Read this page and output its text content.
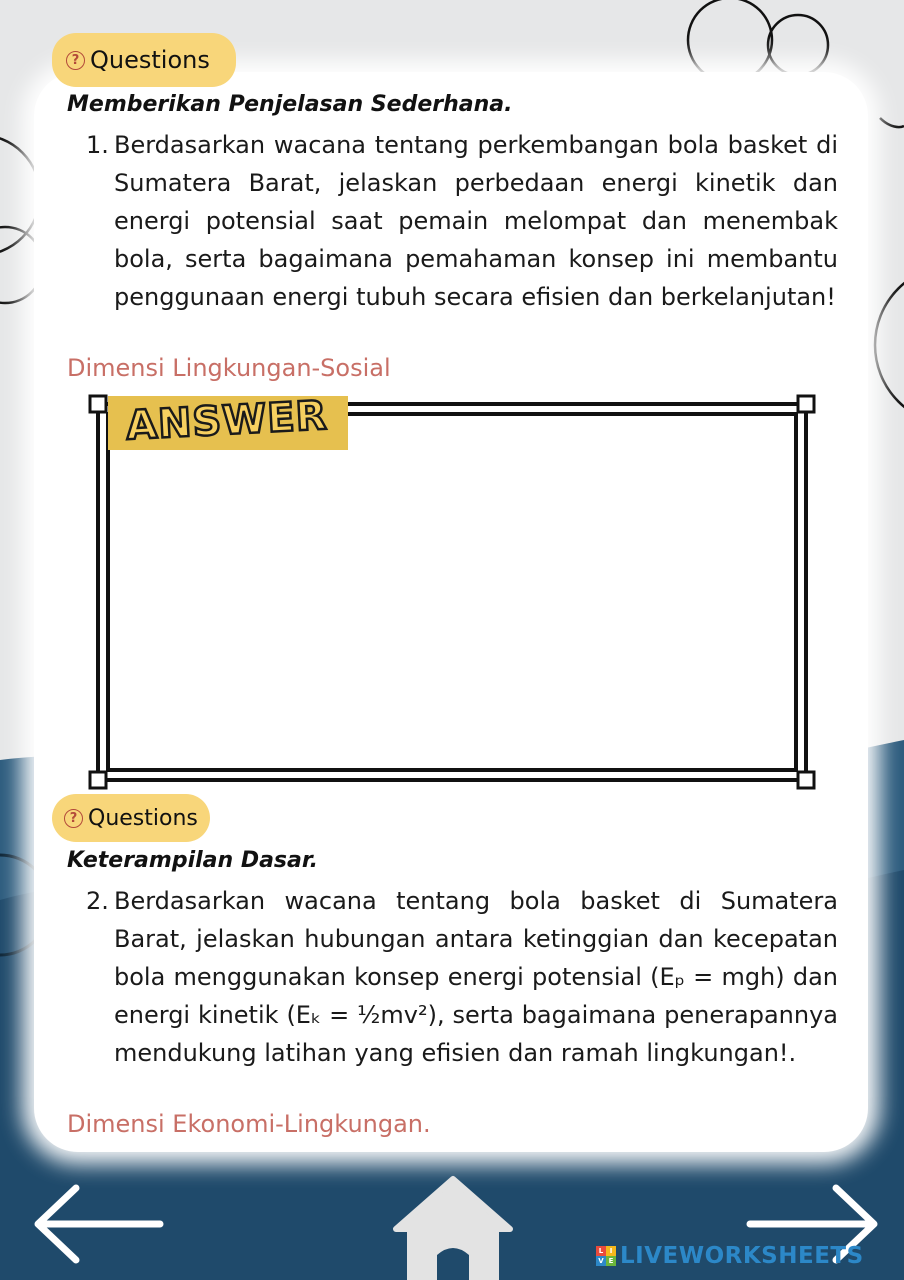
? Questions
Memberikan Penjelasan Sederhana.
1. Berdasarkan wacana tentang perkembangan bola basket di Sumatera Barat, jelaskan perbedaan energi kinetik dan energi potensial saat pemain melompat dan menembak bola, serta bagaimana pemahaman konsep ini membantu penggunaan energi tubuh secara efisien dan berkelanjutan!
Dimensi Lingkungan-Sosial
ANSWER
? Questions
Keterampilan Dasar.
2. Berdasarkan wacana tentang bola basket di Sumatera Barat, jelaskan hubungan antara ketinggian dan kecepatan bola menggunakan konsep energi potensial (Eₚ = mgh) dan energi kinetik (Eₖ = ½mv²), serta bagaimana penerapannya mendukung latihan yang efisien dan ramah lingkungan!.
Dimensi Ekonomi-Lingkungan.
L I
V E LIVEWORKSHEETS
